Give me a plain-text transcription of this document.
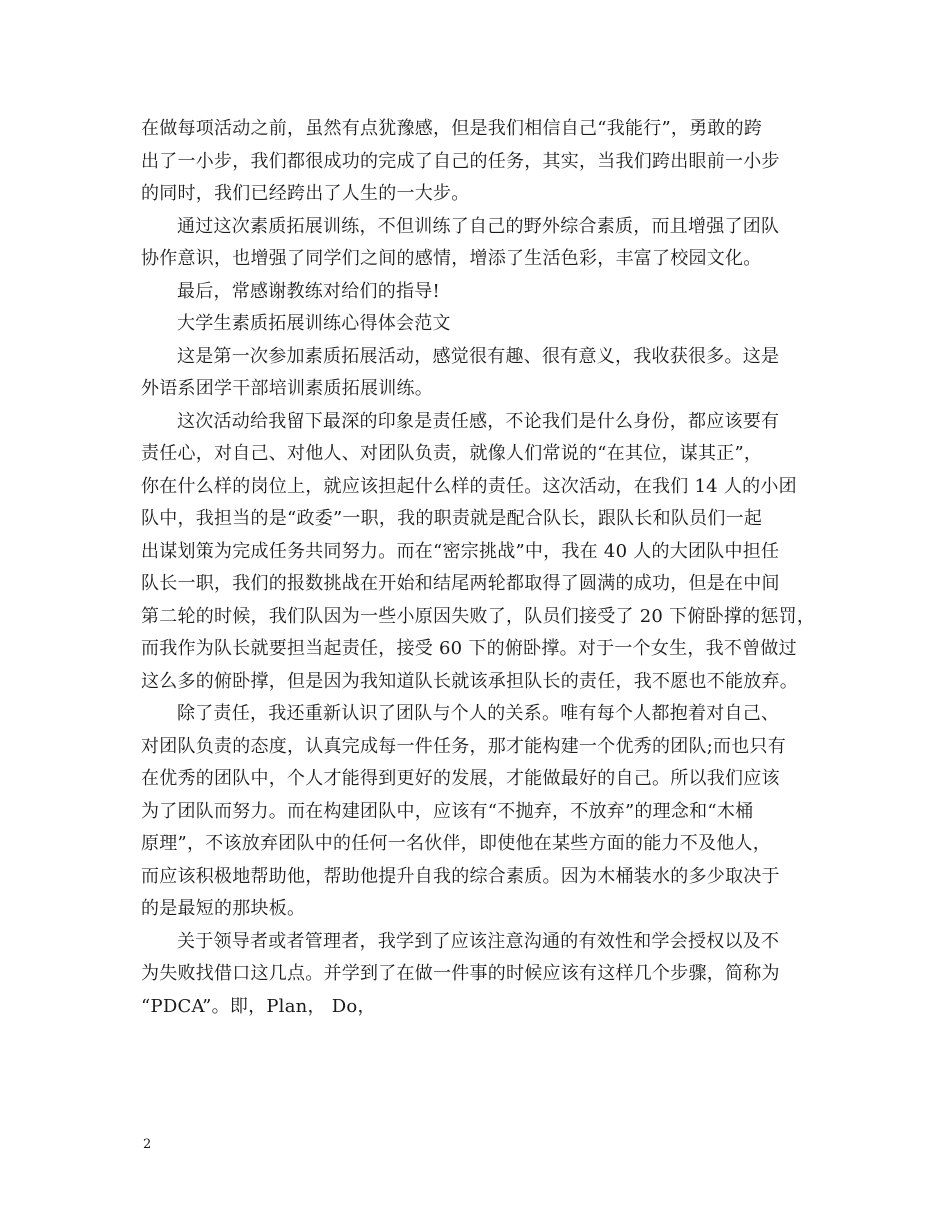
在做每项活动之前，虽然有点犹豫感，但是我们相信自己“我能行”，勇敢的跨
出了一小步，我们都很成功的完成了自己的任务，其实，当我们跨出眼前一小步
的同时，我们已经跨出了人生的一大步。
通过这次素质拓展训练，不但训练了自己的野外综合素质，而且增强了团队
协作意识，也增强了同学们之间的感情，增添了生活色彩，丰富了校园文化。
最后，常感谢教练对给们的指导!
大学生素质拓展训练心得体会范文
这是第一次参加素质拓展活动，感觉很有趣、很有意义，我收获很多。这是
外语系团学干部培训素质拓展训练。
这次活动给我留下最深的印象是责任感，不论我们是什么身份，都应该要有
责任心，对自己、对他人、对团队负责，就像人们常说的“在其位，谋其正”，
你在什么样的岗位上，就应该担起什么样的责任。这次活动，在我们 14 人的小团
队中，我担当的是“政委”一职，我的职责就是配合队长，跟队长和队员们一起
出谋划策为完成任务共同努力。而在“密宗挑战”中，我在 40 人的大团队中担任
队长一职，我们的报数挑战在开始和结尾两轮都取得了圆满的成功，但是在中间
第二轮的时候，我们队因为一些小原因失败了，队员们接受了 20 下俯卧撑的惩罚，
而我作为队长就要担当起责任，接受 60 下的俯卧撑。对于一个女生，我不曾做过
这么多的俯卧撑，但是因为我知道队长就该承担队长的责任，我不愿也不能放弃。
除了责任，我还重新认识了团队与个人的关系。唯有每个人都抱着对自己、
对团队负责的态度，认真完成每一件任务，那才能构建一个优秀的团队;而也只有
在优秀的团队中，个人才能得到更好的发展，才能做最好的自己。所以我们应该
为了团队而努力。而在构建团队中，应该有“不抛弃，不放弃”的理念和“木桶
原理”，不该放弃团队中的任何一名伙伴，即使他在某些方面的能力不及他人，
而应该积极地帮助他，帮助他提升自我的综合素质。因为木桶装水的多少取决于
的是最短的那块板。
关于领导者或者管理者，我学到了应该注意沟通的有效性和学会授权以及不
为失败找借口这几点。并学到了在做一件事的时候应该有这样几个步骤，简称为
“PDCA”。即，Plan， Do，
2
